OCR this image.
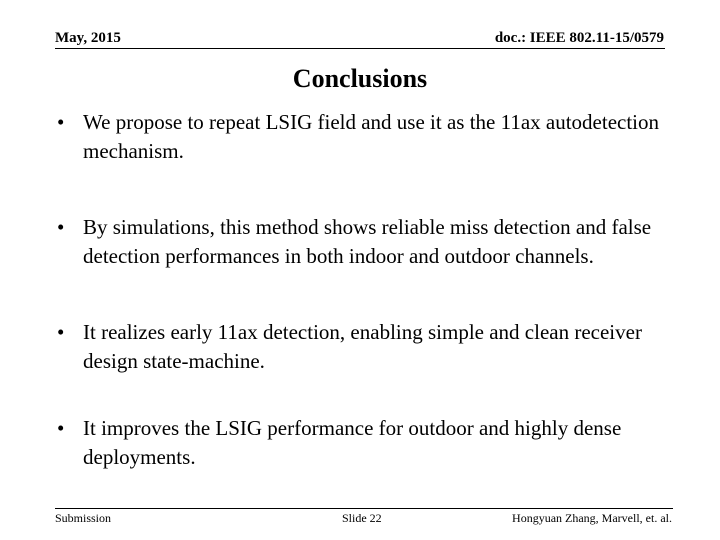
May, 2015	doc.: IEEE 802.11-15/0579
Conclusions
• We propose to repeat LSIG field and use it as the 11ax autodetection mechanism.
• By simulations, this method shows reliable miss detection and false detection performances in both indoor and outdoor channels.
• It realizes early 11ax detection, enabling simple and clean receiver design state-machine.
• It improves the LSIG performance for outdoor and highly dense deployments.
Submission	Slide 22	Hongyuan Zhang, Marvell, et. al.
